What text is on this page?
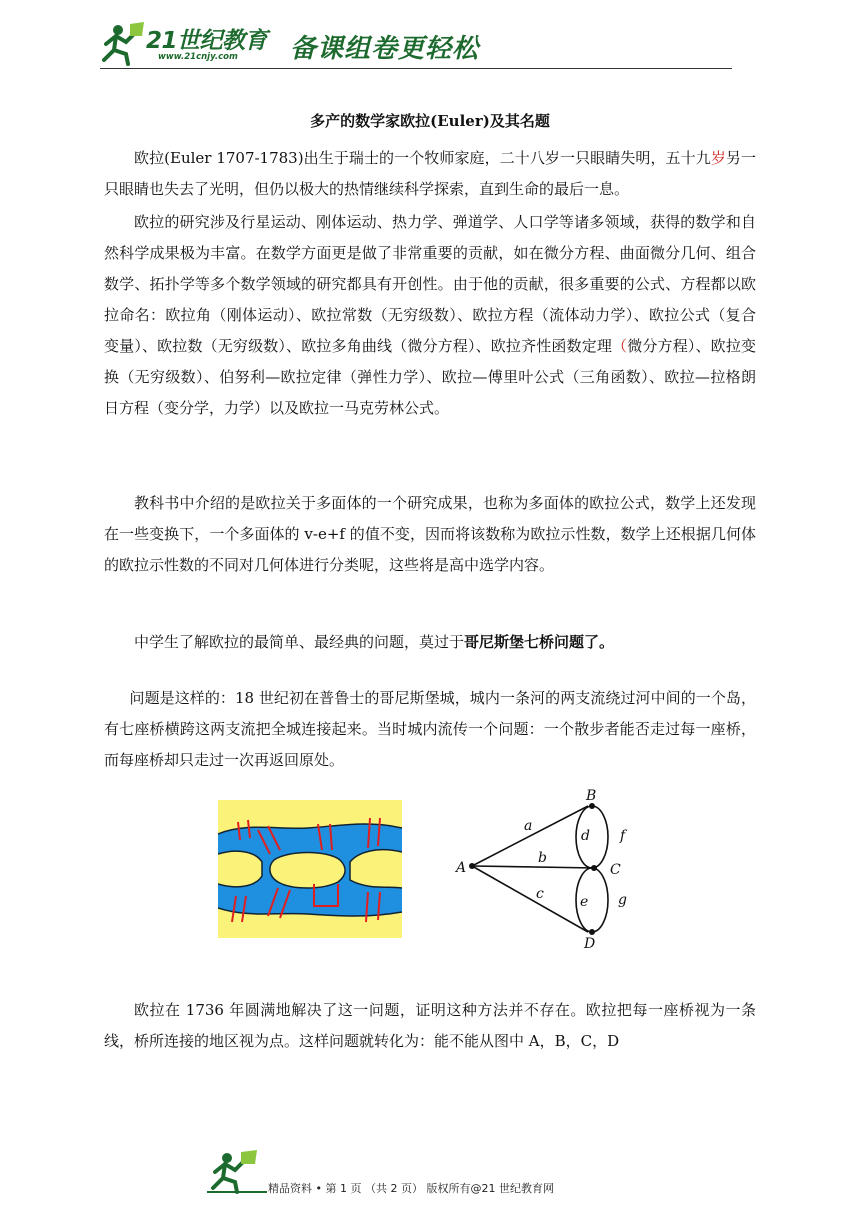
21世纪教育
www.21cnjy.com 备课组卷更轻松
多产的数学家欧拉(Euler)及其名题

欧拉(Euler 1707-1783)出生于瑞士的一个牧师家庭，二十八岁一只眼睛失明，五十九岁另一只眼睛也失去了光明，但仍以极大的热情继续科学探索，直到生命的最后一息。

欧拉的研究涉及行星运动、刚体运动、热力学、弹道学、人口学等诸多领域，获得的数学和自然科学成果极为丰富。在数学方面更是做了非常重要的贡献，如在微分方程、曲面微分几何、组合数学、拓扑学等多个数学领域的研究都具有开创性。由于他的贡献，很多重要的公式、方程都以欧拉命名：欧拉角（刚体运动）、欧拉常数（无穷级数）、欧拉方程（流体动力学）、欧拉公式（复合变量）、欧拉数（无穷级数）、欧拉多角曲线（微分方程）、欧拉齐性函数定理（微分方程）、欧拉变换（无穷级数）、伯努利—欧拉定律（弹性力学）、欧拉—傅里叶公式（三角函数）、欧拉—拉格朗日方程（变分学，力学）以及欧拉一马克劳林公式。

教科书中介绍的是欧拉关于多面体的一个研究成果，也称为多面体的欧拉公式，数学上还发现在一些变换下，一个多面体的 v-e+f 的值不变，因而将该数称为欧拉示性数，数学上还根据几何体的欧拉示性数的不同对几何体进行分类呢，这些将是高中选学内容。

中学生了解欧拉的最简单、最经典的问题，莫过于哥尼斯堡七桥问题了。

问题是这样的：18 世纪初在普鲁士的哥尼斯堡城，城内一条河的两支流绕过河中间的一个岛，有七座桥横跨这两支流把全城连接起来。当时城内流传一个问题：一个散步者能否走过每一座桥，而每座桥却只走过一次再返回原处。

A
B
C
D
a
b
c
d
e
f
g

欧拉在 1736 年圆满地解决了这一问题，证明这种方法并不存在。欧拉把每一座桥视为一条线，桥所连接的地区视为点。这样问题就转化为：能不能从图中 A，B，C，D

精品资料 • 第 1 页 （共 2 页） 版权所有@21 世纪教育网
